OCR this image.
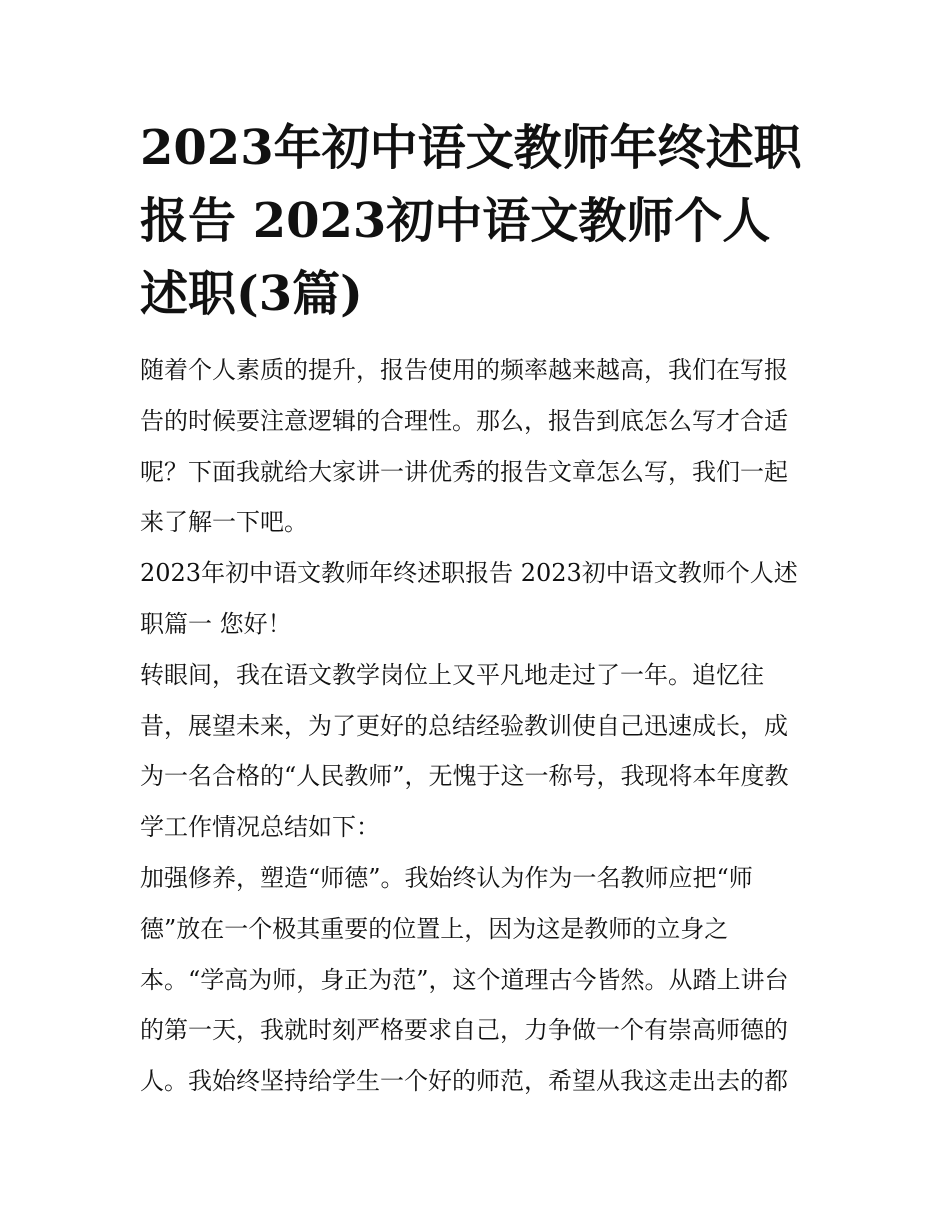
2023年初中语文教师年终述职
报告 2023初中语文教师个人
述职(3篇)

随着个人素质的提升，报告使用的频率越来越高，我们在写报
告的时候要注意逻辑的合理性。那么，报告到底怎么写才合适
呢？下面我就给大家讲一讲优秀的报告文章怎么写，我们一起
来了解一下吧。

2023年初中语文教师年终述职报告 2023初中语文教师个人述
职篇一 您好！

转眼间，我在语文教学岗位上又平凡地走过了一年。追忆往
昔，展望未来，为了更好的总结经验教训使自己迅速成长，成
为一名合格的“人民教师”，无愧于这一称号，我现将本年度教
学工作情况总结如下：

加强修养，塑造“师德”。我始终认为作为一名教师应把“师
德”放在一个极其重要的位置上，因为这是教师的立身之
本。“学高为师，身正为范”，这个道理古今皆然。从踏上讲台
的第一天，我就时刻严格要求自己，力争做一个有崇高师德的
人。我始终坚持给学生一个好的师范，希望从我这走出去的都
